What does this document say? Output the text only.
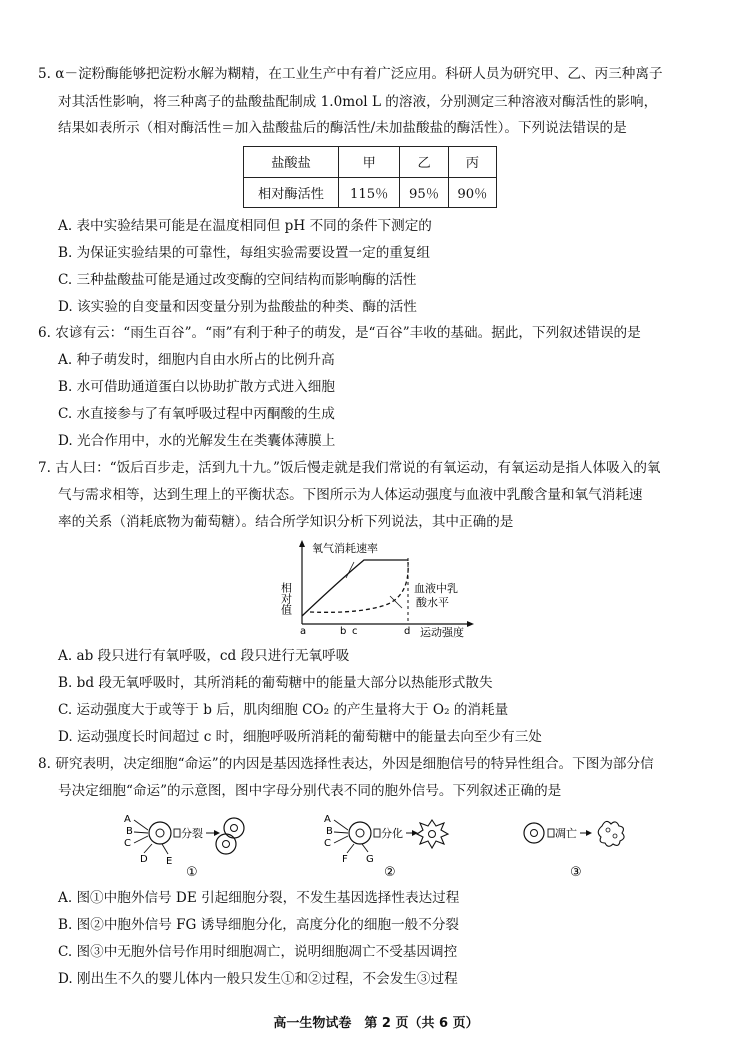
5. α－淀粉酶能够把淀粉水解为糊精，在工业生产中有着广泛应用。科研人员为研究甲、乙、丙三种离子
对其活性影响，将三种离子的盐酸盐配制成 1.0mol L 的溶液，分别测定三种溶液对酶活性的影响，
结果如表所示（相对酶活性＝加入盐酸盐后的酶活性/未加盐酸盐的酶活性）。下列说法错误的是
盐酸盐	甲	乙	丙
相对酶活性	115％	95％	90％
A. 表中实验结果可能是在温度相同但 pH 不同的条件下测定的
B. 为保证实验结果的可靠性，每组实验需要设置一定的重复组
C. 三种盐酸盐可能是通过改变酶的空间结构而影响酶的活性
D. 该实验的自变量和因变量分别为盐酸盐的种类、酶的活性
6. 农谚有云：“雨生百谷”。“雨”有利于种子的萌发，是“百谷”丰收的基础。据此，下列叙述错误的是
A. 种子萌发时，细胞内自由水所占的比例升高
B. 水可借助通道蛋白以协助扩散方式进入细胞
C. 水直接参与了有氧呼吸过程中丙酮酸的生成
D. 光合作用中，水的光解发生在类囊体薄膜上
7. 古人曰：“饭后百步走，活到九十九。”饭后慢走就是我们常说的有氧运动，有氧运动是指人体吸入的氧
气与需求相等，达到生理上的平衡状态。下图所示为人体运动强度与血液中乳酸含量和氧气消耗速
率的关系（消耗底物为葡萄糖）。结合所学知识分析下列说法，其中正确的是
相对值
氧气消耗速率
血液中乳
酸水平
a	b c	d 运动强度
A. ab 段只进行有氧呼吸，cd 段只进行无氧呼吸
B. bd 段无氧呼吸时，其所消耗的葡萄糖中的能量大部分以热能形式散失
C. 运动强度大于或等于 b 后，肌肉细胞 CO₂ 的产生量将大于 O₂ 的消耗量
D. 运动强度长时间超过 c 时，细胞呼吸所消耗的葡萄糖中的能量去向至少有三处
8. 研究表明，决定细胞“命运”的内因是基因选择性表达，外因是细胞信号的特异性组合。下图为部分信
号决定细胞“命运”的示意图，图中字母分别代表不同的胞外信号。下列叙述正确的是
A
B
C
D E
分裂
①
A
B
C
F G
分化
②
凋亡
③
A. 图①中胞外信号 DE 引起细胞分裂，不发生基因选择性表达过程
B. 图②中胞外信号 FG 诱导细胞分化，高度分化的细胞一般不分裂
C. 图③中无胞外信号作用时细胞凋亡，说明细胞凋亡不受基因调控
D. 刚出生不久的婴儿体内一般只发生①和②过程，不会发生③过程
高一生物试卷　第 2 页（共 6 页）
